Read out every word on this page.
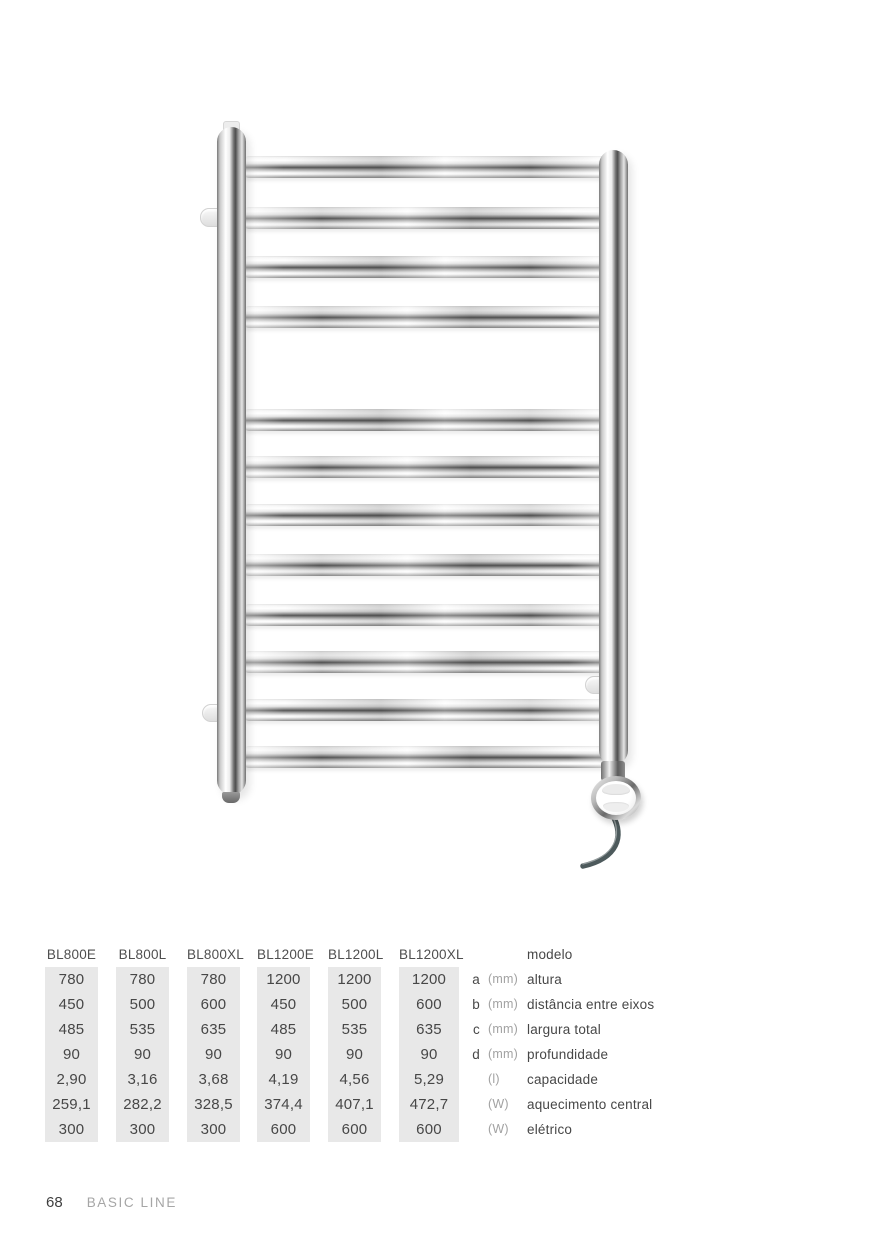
BL800E BL800L BL800XL BL1200E BL1200L BL1200XL	modelo
780	780	780	1200	1200	1200	a (mm) altura
450	500	600	450	500	600	b (mm) distância entre eixos
485	535	635	485	535	635	c (mm) largura total
90	90	90	90	90	90	d (mm) profundidade
2,90	3,16	3,68	4,19	4,56	5,29	(l)	capacidade
259,1	282,2	328,5	374,4	407,1	472,7	(W)	aquecimento central
300	300	300	600	600	600	(W)	elétrico
68 BASIC LINE
